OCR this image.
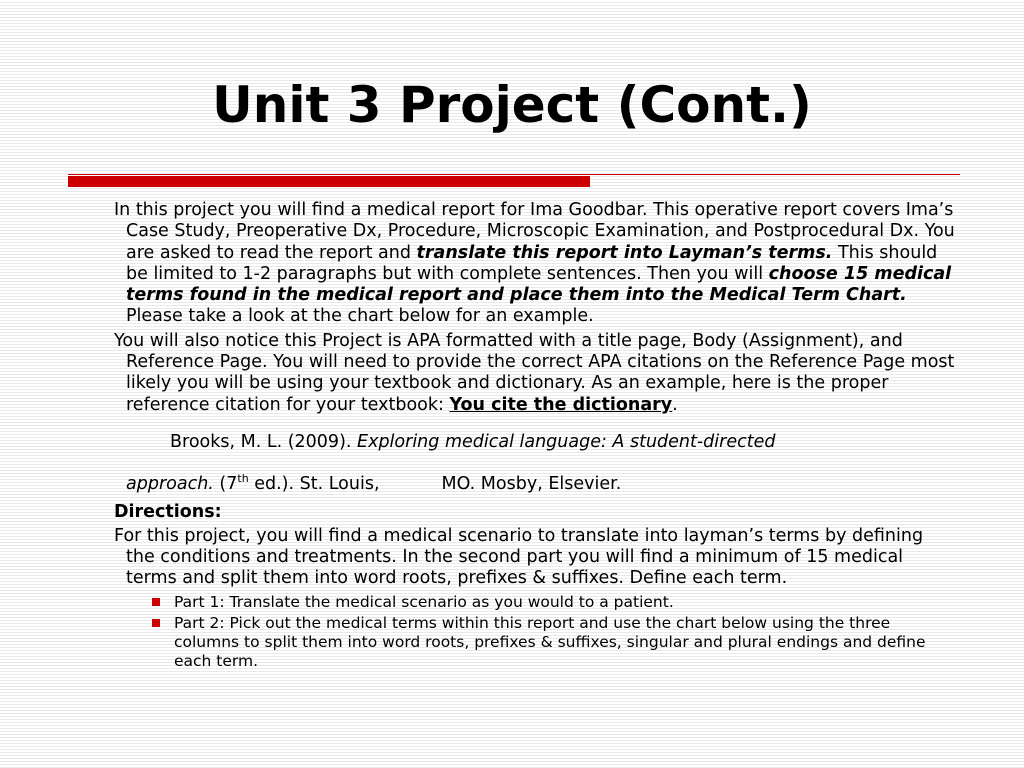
Unit 3 Project (Cont.)

In this project you will find a medical report for Ima Goodbar. This operative report covers Ima’s Case Study, Preoperative Dx, Procedure, Microscopic Examination, and Postprocedural Dx. You are asked to read the report and translate this report into Layman’s terms. This should be limited to 1-2 paragraphs but with complete sentences. Then you will choose 15 medical terms found in the medical report and place them into the Medical Term Chart. Please take a look at the chart below for an example.

You will also notice this Project is APA formatted with a title page, Body (Assignment), and Reference Page. You will need to provide the correct APA citations on the Reference Page most likely you will be using your textbook and dictionary. As an example, here is the proper reference citation for your textbook: You cite the dictionary.

Brooks, M. L. (2009). Exploring medical language: A student-directed
approach. (7th ed.). St. Louis,	MO. Mosby, Elsevier.
Directions:

For this project, you will find a medical scenario to translate into layman’s terms by defining the conditions and treatments. In the second part you will find a minimum of 15 medical terms and split them into word roots, prefixes & suffixes. Define each term.

Part 1: Translate the medical scenario as you would to a patient.
Part 2: Pick out the medical terms within this report and use the chart below using the three columns to split them into word roots, prefixes & suffixes, singular and plural endings and define each term.
